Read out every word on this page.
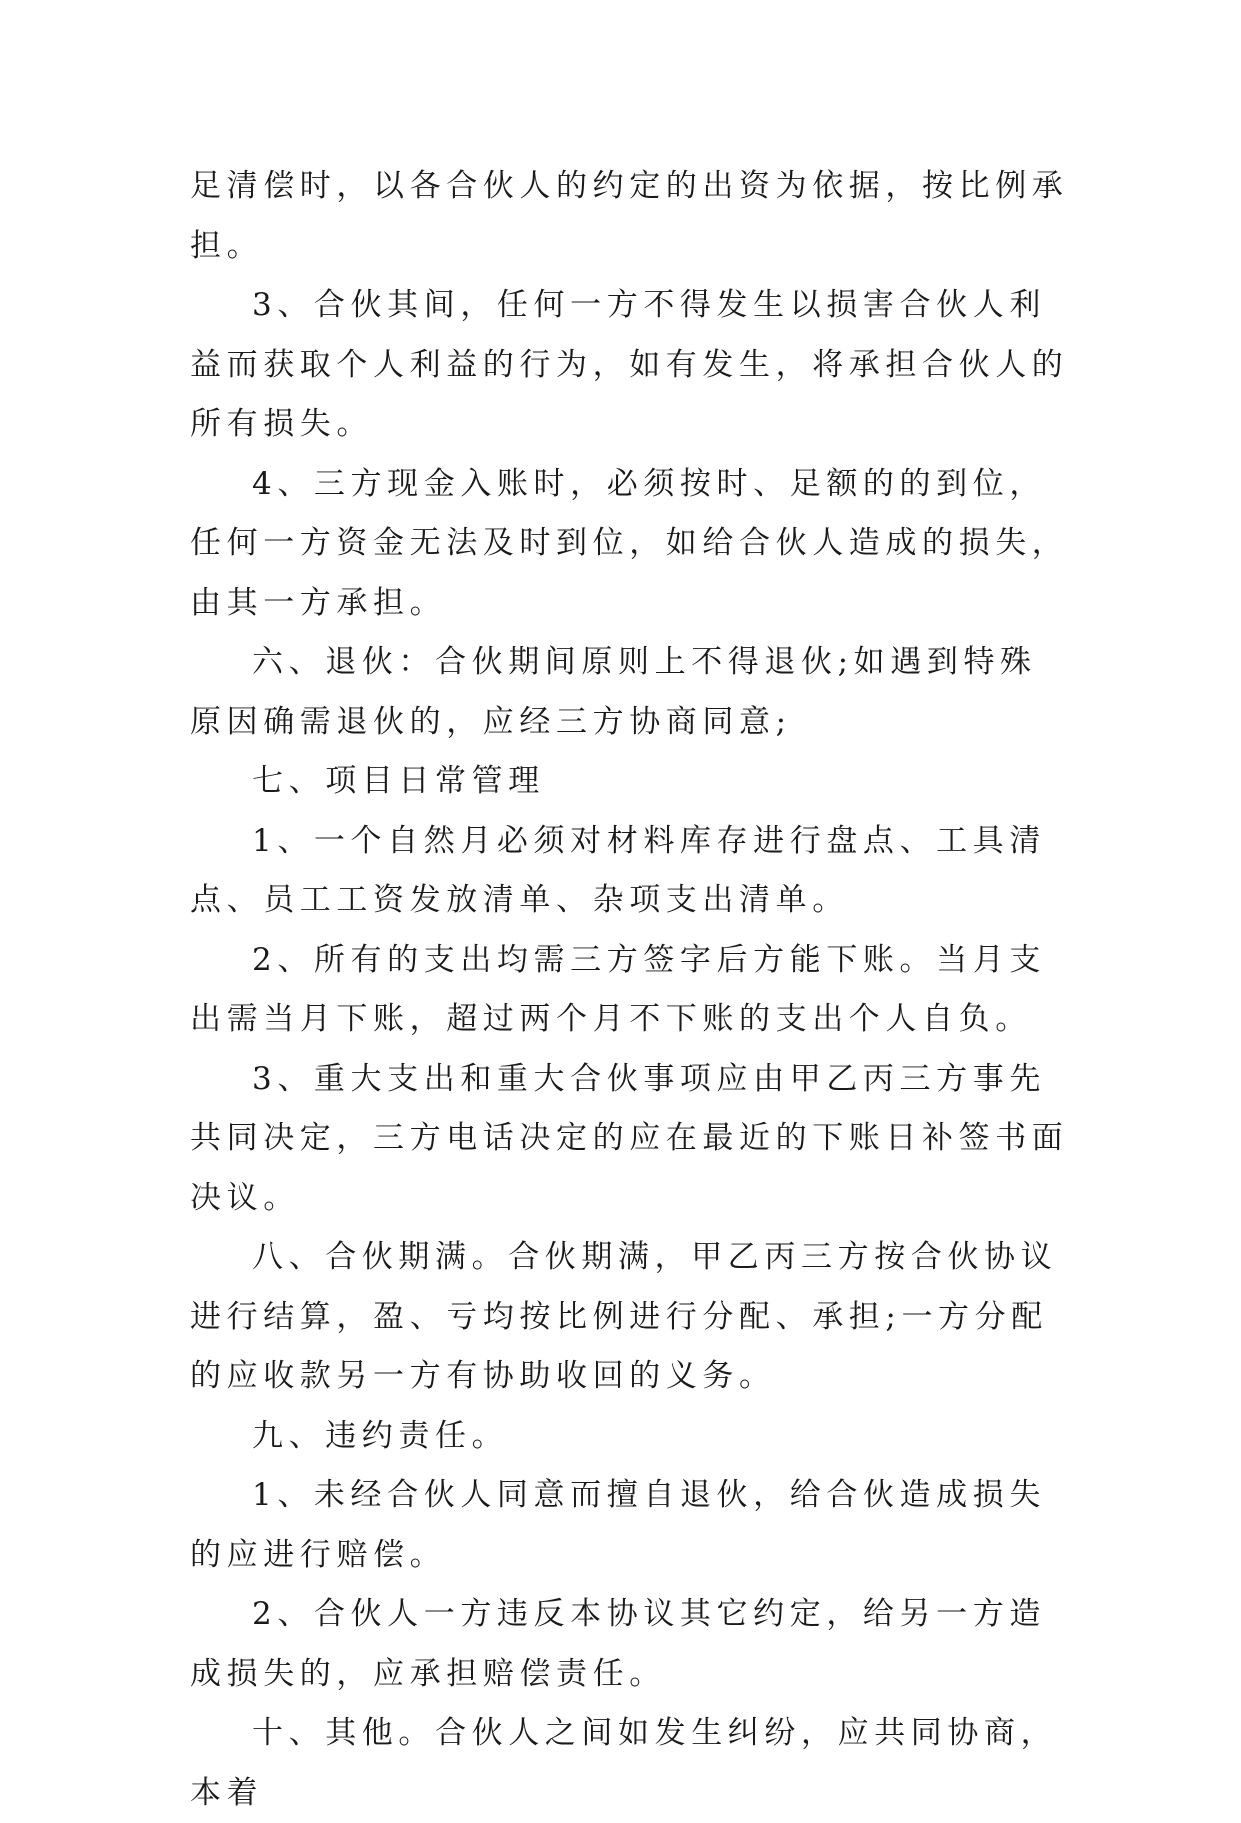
足清偿时，以各合伙人的约定的出资为依据，按比例承担。

3、合伙其间，任何一方不得发生以损害合伙人利益而获取个人利益的行为，如有发生，将承担合伙人的所有损失。

4、三方现金入账时，必须按时、足额的的到位，任何一方资金无法及时到位，如给合伙人造成的损失，由其一方承担。

六、退伙：合伙期间原则上不得退伙;如遇到特殊原因确需退伙的，应经三方协商同意;

七、项目日常管理

1、一个自然月必须对材料库存进行盘点、工具清点、员工工资发放清单、杂项支出清单。

2、所有的支出均需三方签字后方能下账。当月支出需当月下账，超过两个月不下账的支出个人自负。

3、重大支出和重大合伙事项应由甲乙丙三方事先共同决定，三方电话决定的应在最近的下账日补签书面决议。

八、合伙期满。合伙期满，甲乙丙三方按合伙协议进行结算，盈、亏均按比例进行分配、承担;一方分配的应收款另一方有协助收回的义务。

九、违约责任。

1、未经合伙人同意而擅自退伙，给合伙造成损失的应进行赔偿。

2、合伙人一方违反本协议其它约定，给另一方造成损失的，应承担赔偿责任。

十、其他。合伙人之间如发生纠纷，应共同协商，本着
